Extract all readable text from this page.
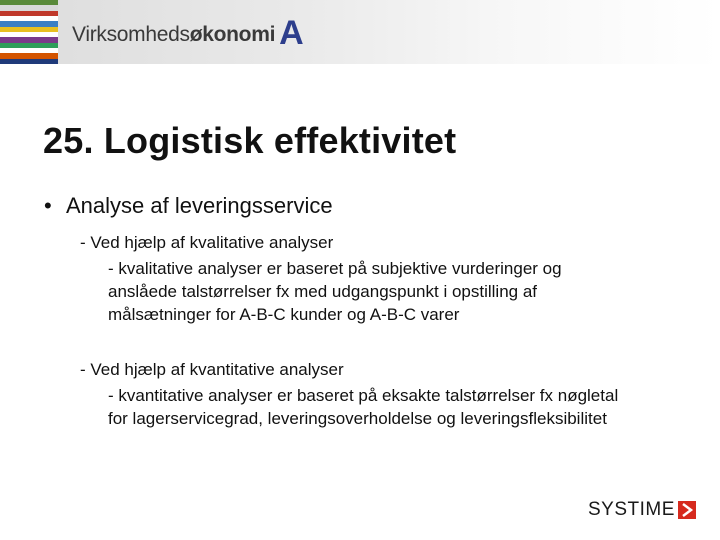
Virksomhedsøkonomi A
25. Logistisk effektivitet
• Analyse af leveringsservice
- Ved hjælp af kvalitative analyser
- kvalitative analyser er baseret på subjektive vurderinger og
anslåede talstørrelser fx med udgangspunkt i opstilling af
målsætninger for A-B-C kunder og A-B-C varer
- Ved hjælp af kvantitative analyser
- kvantitative analyser er baseret på eksakte talstørrelser fx nøgletal
for lagerservicegrad, leveringsoverholdelse og leveringsfleksibilitet
SYSTIME
